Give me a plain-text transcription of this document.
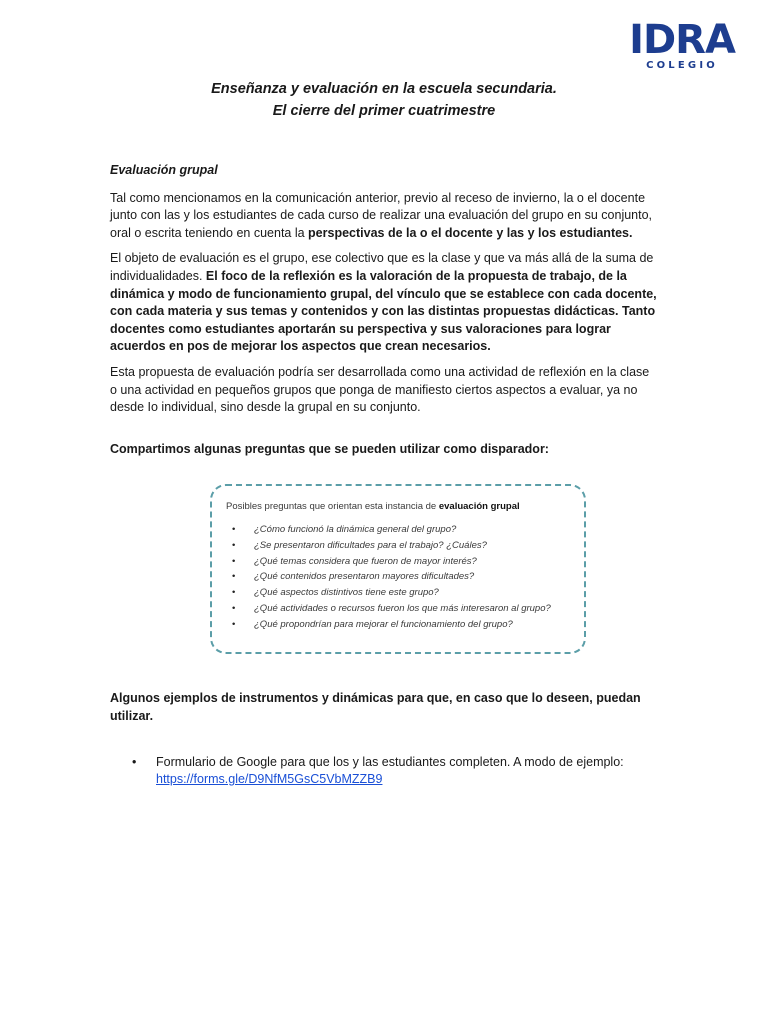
IDRA
COLEGIO
Enseñanza y evaluación en la escuela secundaria.
El cierre del primer cuatrimestre

Evaluación grupal

Tal como mencionamos en la comunicación anterior, previo al receso de invierno, la o el docente junto con las y los estudiantes de cada curso de realizar una evaluación del grupo en su conjunto, oral o escrita teniendo en cuenta la perspectivas de la o el docente y las y los estudiantes.

El objeto de evaluación es el grupo, ese colectivo que es la clase y que va más allá de la suma de individualidades. El foco de la reflexión es la valoración de la propuesta de trabajo, de la dinámica y modo de funcionamiento grupal, del vínculo que se establece con cada docente, con cada materia y sus temas y contenidos y con las distintas propuestas didácticas. Tanto docentes como estudiantes aportarán su perspectiva y sus valoraciones para lograr acuerdos en pos de mejorar los aspectos que crean necesarios.

Esta propuesta de evaluación podría ser desarrollada como una actividad de reflexión en la clase o una actividad en pequeños grupos que ponga de manifiesto ciertos aspectos a evaluar, ya no desde Io individual, sino desde la grupal en su conjunto.

Compartimos algunas preguntas que se pueden utilizar como disparador:

Posibles preguntas que orientan esta instancia de evaluación grupal
• ¿Cómo funcionó la dinámica general del grupo?
• ¿Se presentaron dificultades para el trabajo? ¿Cuáles?
• ¿Qué temas considera que fueron de mayor interés?
• ¿Qué contenidos presentaron mayores dificultades?
• ¿Qué aspectos distintivos tiene este grupo?
• ¿Qué actividades o recursos fueron los que más interesaron al grupo?
• ¿Qué propondrían para mejorar el funcionamiento del grupo?

Algunos ejemplos de instrumentos y dinámicas para que, en caso que lo deseen, puedan utilizar.

• Formulario de Google para que los y las estudiantes completen. A modo de ejemplo:
https://forms.gle/D9NfM5GsC5VbMZZB9
